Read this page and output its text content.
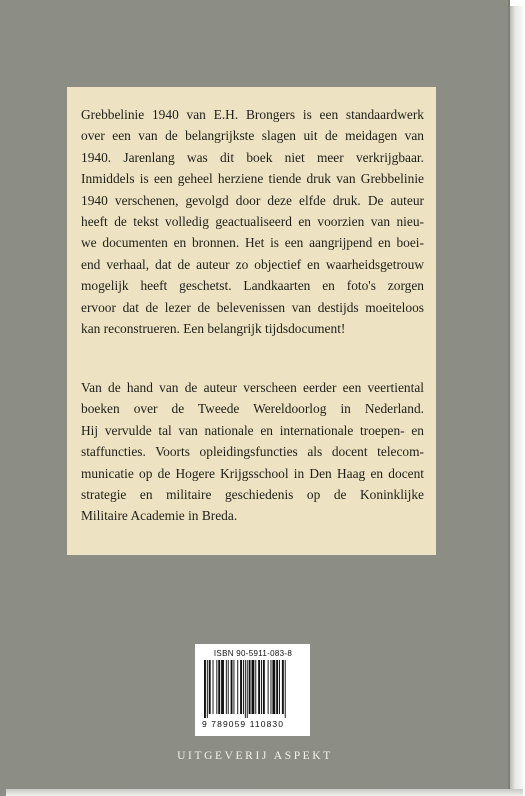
Grebbelinie 1940 van E.H. Brongers is een standaardwerk
over een van de belangrijkste slagen uit de meidagen van
1940. Jarenlang was dit boek niet meer verkrijgbaar.
Inmiddels is een geheel herziene tiende druk van Grebbelinie
1940 verschenen, gevolgd door deze elfde druk. De auteur
heeft de tekst volledig geactualiseerd en voorzien van nieu-
we documenten en bronnen. Het is een aangrijpend en boei-
end verhaal, dat de auteur zo objectief en waarheidsgetrouw
mogelijk heeft geschetst. Landkaarten en foto's zorgen
ervoor dat de lezer de belevenissen van destijds moeiteloos
kan reconstrueren. Een belangrijk tijdsdocument!

Van de hand van de auteur verscheen eerder een veertiental
boeken over de Tweede Wereldoorlog in Nederland.
Hij vervulde tal van nationale en internationale troepen- en
staffuncties. Voorts opleidingsfuncties als docent telecom-
municatie op de Hogere Krijgsschool in Den Haag en docent
strategie en militaire geschiedenis op de Koninklijke
Militaire Academie in Breda.

ISBN 90-5911-083-8
9 789059 110830
UITGEVERIJ ASPEKT
